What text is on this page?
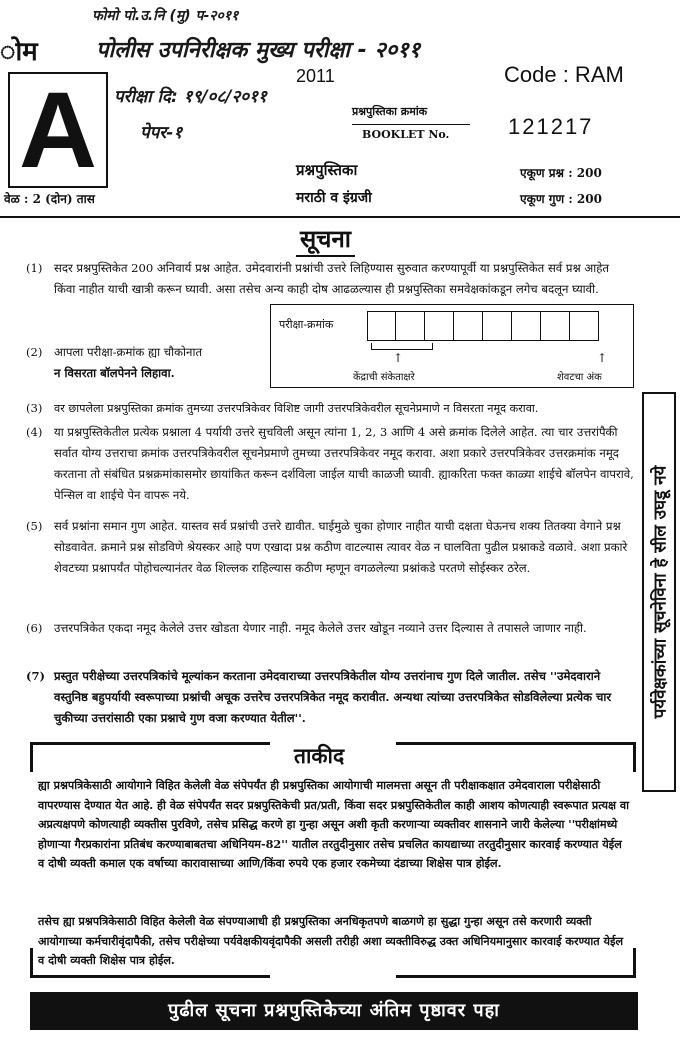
फोमो पो.उ.नि (मु) प-२०११
ोम	पोलीस उपनिरीक्षक मुख्य परीक्षा - २०११
परीक्षा दि: १९/०८/२०११
पेपर-१
A	2011	Code : RAM
प्रश्नपुस्तिका क्रमांक
BOOKLET No.	121217
प्रश्नपुस्तिका
मराठी व इंग्रजी
वेळ : 2 (दोन) तास
एकूण प्रश्न : 200
एकूण गुण : 200
सूचना
(1) सदर प्रश्नपुस्तिकेत 200 अनिवार्य प्रश्न आहेत. उमेदवारांनी प्रश्नांची उत्तरे लिहिण्यास सुरुवात करण्यापूर्वी या प्रश्नपुस्तिकेत सर्व प्रश्न आहेत किंवा नाहीत याची खात्री करून घ्यावी. असा तसेच अन्य काही दोष आढळल्यास ही प्रश्नपुस्तिका समवेक्षकांकडून लगेच बदलून घ्यावी.
परीक्षा-क्रमांक
↑	↑
केंद्राची संकेताक्षरे	शेवटचा अंक
(2) आपला परीक्षा-क्रमांक ह्या चौकोनात
न विसरता बॉलपेनने लिहावा.
(3) वर छापलेला प्रश्नपुस्तिका क्रमांक तुमच्या उत्तरपत्रिकेवर विशिष्ट जागी उत्तरपत्रिकेवरील सूचनेप्रमाणे न विसरता नमूद करावा.
(4) या प्रश्नपुस्तिकेतील प्रत्येक प्रश्नाला 4 पर्यायी उत्तरे सुचविली असून त्यांना 1, 2, 3 आणि 4 असे क्रमांक दिलेले आहेत. त्या चार उत्तरांपैकी सर्वात योग्य उत्तराचा क्रमांक उत्तरपत्रिकेवरील सूचनेप्रमाणे तुमच्या उत्तरपत्रिकेवर नमूद करावा. अशा प्रकारे उत्तरपत्रिकेवर उत्तरक्रमांक नमूद करताना तो संबंधित प्रश्नक्रमांकासमोर छायांकित करून दर्शविला जाईल याची काळजी घ्यावी. ह्याकरिता फक्त काळ्या शाईचे बॉलपेन वापरावे, पेन्सिल वा शाईचे पेन वापरू नये.
(5) सर्व प्रश्नांना समान गुण आहेत. यास्तव सर्व प्रश्नांची उत्तरे द्यावीत. घाईमुळे चुका होणार नाहीत याची दक्षता घेऊनच शक्य तितक्या वेगाने प्रश्न सोडवावेत. क्रमाने प्रश्न सोडविणे श्रेयस्कर आहे पण एखादा प्रश्न कठीण वाटल्यास त्यावर वेळ न घालविता पुढील प्रश्नाकडे वळावे. अशा प्रकारे शेवटच्या प्रश्नापर्यंत पोहोचल्यानंतर वेळ शिल्लक राहिल्यास कठीण म्हणून वगळलेल्या प्रश्नांकडे परतणे सोईस्कर ठरेल.
(6) उत्तरपत्रिकेत एकदा नमूद केलेले उत्तर खोडता येणार नाही. नमूद केलेले उत्तर खोडून नव्याने उत्तर दिल्यास ते तपासले जाणार नाही.
(7) प्रस्तुत परीक्षेच्या उत्तरपत्रिकांचे मूल्यांकन करताना उमेदवाराच्या उत्तरपत्रिकेतील योग्य उत्तरांनाच गुण दिले जातील. तसेच ''उमेदवाराने वस्तुनिष्ठ बहुपर्यायी स्वरूपाच्या प्रश्नांची अचूक उत्तरेच उत्तरपत्रिकेत नमूद करावीत. अन्यथा त्यांच्या उत्तरपत्रिकेत सोडविलेल्या प्रत्येक चार चुकीच्या उत्तरांसाठी एका प्रश्नाचे गुण वजा करण्यात येतील''.	पर्यवेक्षकांच्या सूचनेविना हे सील उघडू नये
ताकीद
ह्या प्रश्नपत्रिकेसाठी आयोगाने विहित केलेली वेळ संपेपर्यंत ही प्रश्नपुस्तिका आयोगाची मालमत्ता असून ती परीक्षाकक्षात उमेदवाराला परीक्षेसाठी वापरण्यास देण्यात येत आहे. ही वेळ संपेपर्यंत सदर प्रश्नपुस्तिकेची प्रत/प्रती, किंवा सदर प्रश्नपुस्तिकेतील काही आशय कोणत्याही स्वरूपात प्रत्यक्ष वा अप्रत्यक्षपणे कोणत्याही व्यक्तीस पुरविणे, तसेच प्रसिद्ध करणे हा गुन्हा असून अशी कृती करणाऱ्या व्यक्तीवर शासनाने जारी केलेल्या ''परीक्षांमध्ये होणाऱ्या गैरप्रकारांना प्रतिबंध करण्याबाबतचा अधिनियम-82'' यातील तरतुदीनुसार तसेच प्रचलित कायद्याच्या तरतुदीनुसार कारवाई करण्यात येईल व दोषी व्यक्ती कमाल एक वर्षाच्या कारावासाच्या आणि/किंवा रुपये एक हजार रकमेच्या दंडाच्या शिक्षेस पात्र होईल.
तसेच ह्या प्रश्नपत्रिकेसाठी विहित केलेली वेळ संपण्याआधी ही प्रश्नपुस्तिका अनधिकृतपणे बाळगणे हा सुद्धा गुन्हा असून तसे करणारी व्यक्ती आयोगाच्या कर्मचारीवृंदापैकी, तसेच परीक्षेच्या पर्यवेक्षकीयवृंदापैकी असली तरीही अशा व्यक्तीविरुद्ध उक्त अधिनियमानुसार कारवाई करण्यात येईल व दोषी व्यक्ती शिक्षेस पात्र होईल.
पुढील सूचना प्रश्नपुस्तिकेच्या अंतिम पृष्ठावर पहा
